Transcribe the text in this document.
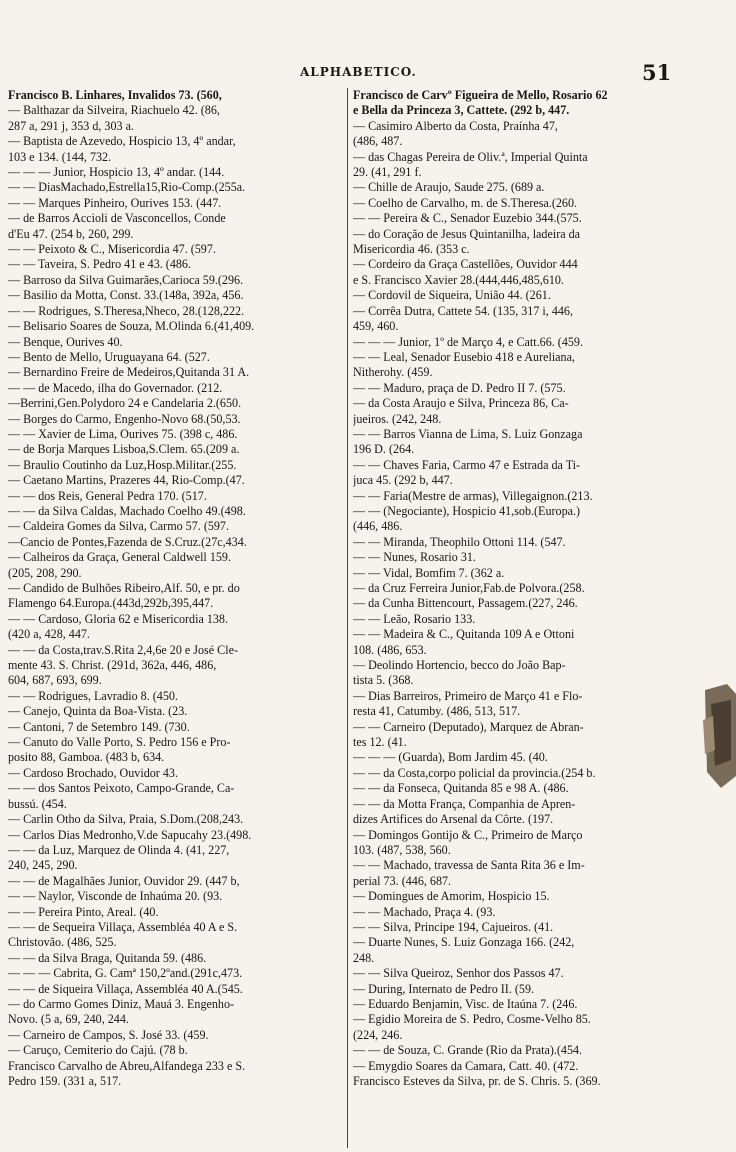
ALPHABETICO.	51
Francisco B. Linhares, Invalidos 73. (560,
— Balthazar da Silveira, Riachuelo 42. (86,
287 a, 291 j, 353 d, 303 a.
— Baptista de Azevedo, Hospicio 13, 4º andar,
103 e 134. (144, 732.
— — — Junior, Hospicio 13, 4º andar. (144.
— — DiasMachado,Estrella15,Rio-Comp.(255a.
— — Marques Pinheiro, Ourives 153. (447.
— de Barros Accioli de Vasconcellos, Conde
d'Eu 47. (254 b, 260, 299.
— — Peixoto & C., Misericordia 47. (597.
— — Taveira, S. Pedro 41 e 43. (486.
— Barroso da Silva Guimarães,Carioca 59.(296.
— Basilio da Motta, Const. 33.(148a, 392a, 456.
— — Rodrigues, S.Theresa,Nheco, 28.(128,222.
— Belisario Soares de Souza, M.Olinda 6.(41,409.
— Benque, Ourives 40.
— Bento de Mello, Uruguayana 64. (527.
— Bernardino Freire de Medeiros,Quitanda 31 A.
— — de Macedo, ilha do Governador. (212.
—Berrini,Gen.Polydoro 24 e Candelaria 2.(650.
— Borges do Carmo, Engenho-Novo 68.(50,53.
— — Xavier de Lima, Ourives 75. (398 c, 486.
— de Borja Marques Lisboa,S.Clem. 65.(209 a.
— Braulio Coutinho da Luz,Hosp.Militar.(255.
— Caetano Martins, Prazeres 44, Rio-Comp.(47.
— — dos Reis, General Pedra 170. (517.
— — da Silva Caldas, Machado Coelho 49.(498.
— Caldeira Gomes da Silva, Carmo 57. (597.
—Cancio de Pontes,Fazenda de S.Cruz.(27c,434.
— Calheiros da Graça, General Caldwell 159.
(205, 208, 290.
— Candido de Bulhões Ribeiro,Alf. 50, e pr. do
Flamengo 64.Europa.(443d,292b,395,447.
— — Cardoso, Gloria 62 e Misericordia 138.
(420 a, 428, 447.
— — da Costa,trav.S.Rita 2,4,6e 20 e José Cle-
mente 43. S. Christ. (291d, 362a, 446, 486,
604, 687, 693, 699.
— — Rodrigues, Lavradio 8. (450.
— Canejo, Quinta da Boa-Vista. (23.
— Cantoni, 7 de Setembro 149. (730.
— Canuto do Valle Porto, S. Pedro 156 e Pro-
posito 88, Gamboa. (483 b, 634.
— Cardoso Brochado, Ouvidor 43.
— — dos Santos Peixoto, Campo-Grande, Ca-
bussú. (454.
— Carlin Otho da Silva, Praia, S.Dom.(208,243.
— Carlos Dias Medronho,V.de Sapucahy 23.(498.
— — da Luz, Marquez de Olinda 4. (41, 227,
240, 245, 290.
— — de Magalhães Junior, Ouvidor 29. (447 b,
— — Naylor, Visconde de Inhaúma 20. (93.
— — Pereira Pinto, Areal. (40.
— — de Sequeira Villaça, Assembléa 40 A e S.
Christovão. (486, 525.
— — da Silva Braga, Quitanda 59. (486.
— — — Cabrita, G. Camª 150,2ºand.(291c,473.
— — de Siqueira Villaça, Assembléa 40 A.(545.
— do Carmo Gomes Diniz, Mauá 3. Engenho-
Novo. (5 a, 69, 240, 244.
— Carneiro de Campos, S. José 33. (459.
— Caruço, Cemiterio do Cajú. (78 b.
Francisco Carvalho de Abreu,Alfandega 233 e S.
Pedro 159. (331 a, 517.
Francisco de Carvº Figueira de Mello, Rosario 62
e Bella da Princeza 3, Cattete. (292 b, 447.
— Casimiro Alberto da Costa, Praínha 47,
(486, 487.
— das Chagas Pereira de Oliv.ª, Imperial Quinta
29. (41, 291 f.
— Chille de Araujo, Saude 275. (689 a.
— Coelho de Carvalho, m. de S.Theresa.(260.
— — Pereira & C., Senador Euzebio 344.(575.
— do Coração de Jesus Quintanilha, ladeira da
Misericordia 46. (353 c.
— Cordeiro da Graça Castellões, Ouvidor 444
e S. Francisco Xavier 28.(444,446,485,610.
— Cordovil de Siqueira, União 44. (261.
— Corrêa Dutra, Cattete 54. (135, 317 i, 446,
459, 460.
— — — Junior, 1º de Março 4, e Catt.66. (459.
— — Leal, Senador Eusebio 418 e Aureliana,
Nitherohy. (459.
— — Maduro, praça de D. Pedro II 7. (575.
— da Costa Araujo e Silva, Princeza 86, Ca-
jueiros. (242, 248.
— — Barros Vianna de Lima, S. Luiz Gonzaga
196 D. (264.
— — Chaves Faria, Carmo 47 e Estrada da Ti-
juca 45. (292 b, 447.
— — Faria(Mestre de armas), Villegaignon.(213.
— — (Negociante), Hospicio 41,sob.(Europa.)
(446, 486.
— — Miranda, Theophilo Ottoni 114. (547.
— — Nunes, Rosario 31.
— — Vidal, Bomfim 7. (362 a.
— da Cruz Ferreira Junior,Fab.de Polvora.(258.
— da Cunha Bittencourt, Passagem.(227, 246.
— — Leão, Rosario 133.
— — Madeira & C., Quitanda 109 A e Ottoni
108. (486, 653.
— Deolindo Hortencio, becco do João Bap-
tista 5. (368.
— Dias Barreiros, Primeiro de Março 41 e Flo-
resta 41, Catumby. (486, 513, 517.
— — Carneiro (Deputado), Marquez de Abran-
tes 12. (41.
— — — (Guarda), Bom Jardim 45. (40.
— — da Costa,corpo policial da provincia.(254 b.
— — da Fonseca, Quitanda 85 e 98 A. (486.
— — da Motta França, Companhia de Apren-
dizes Artifices do Arsenal da Côrte. (197.
— Domingos Gontijo & C., Primeiro de Março
103. (487, 538, 560.
— — Machado, travessa de Santa Rita 36 e Im-
perial 73. (446, 687.
— Domingues de Amorim, Hospicio 15.
— — Machado, Praça 4. (93.
— — Silva, Principe 194, Cajueiros. (41.
— Duarte Nunes, S. Luiz Gonzaga 166. (242,
248.
— — Silva Queiroz, Senhor dos Passos 47.
— During, Internato de Pedro II. (59.
— Eduardo Benjamin, Visc. de Itaúna 7. (246.
— Egidio Moreira de S. Pedro, Cosme-Velho 85.
(224, 246.
— — de Souza, C. Grande (Rio da Prata).(454.
— Emygdio Soares da Camara, Catt. 40. (472.
Francisco Esteves da Silva, pr. de S. Chris. 5. (369.
